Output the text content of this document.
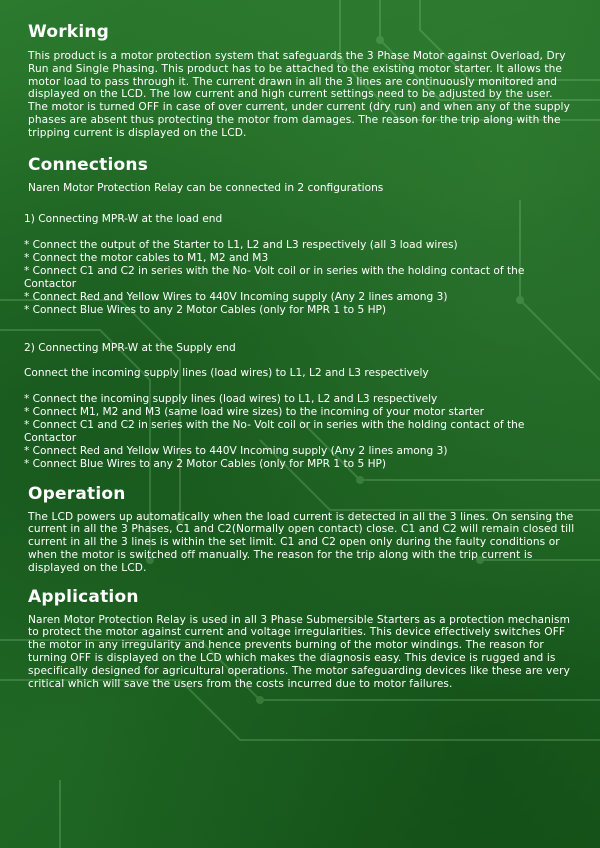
Working

This product is a motor protection system that safeguards the 3 Phase Motor against Overload, Dry Run and Single Phasing. This product has to be attached to the existing motor starter. It allows the motor load to pass through it. The current drawn in all the 3 lines are continuously monitored and displayed on the LCD. The low current and high current settings need to be adjusted by the user. The motor is turned OFF in case of over current, under current (dry run) and when any of the supply phases are absent thus protecting the motor from damages. The reason for the trip along with the tripping current is displayed on the LCD.

Connections

Naren Motor Protection Relay can be connected in 2 configurations

1) Connecting MPR-W at the load end

* Connect the output of the Starter to L1, L2 and L3 respectively (all 3 load wires)

* Connect the motor cables to M1, M2 and M3

* Connect C1 and C2 in series with the No- Volt coil or in series with the holding contact of the Contactor

* Connect Red and Yellow Wires to 440V Incoming supply (Any 2 lines among 3)

* Connect Blue Wires to any 2 Motor Cables (only for MPR 1 to 5 HP)

2) Connecting MPR-W at the Supply end

Connect the incoming supply lines (load wires) to L1, L2 and L3 respectively

* Connect the incoming supply lines (load wires) to L1, L2 and L3 respectively

* Connect M1, M2 and M3 (same load wire sizes) to the incoming of your motor starter

* Connect C1 and C2 in series with the No- Volt coil or in series with the holding contact of the Contactor

* Connect Red and Yellow Wires to 440V Incoming supply (Any 2 lines among 3)

* Connect Blue Wires to any 2 Motor Cables (only for MPR 1 to 5 HP)

Operation

The LCD powers up automatically when the load current is detected in all the 3 lines. On sensing the current in all the 3 Phases, C1 and C2(Normally open contact) close. C1 and C2 will remain closed till current in all the 3 lines is within the set limit. C1 and C2 open only during the faulty conditions or when the motor is switched off manually. The reason for the trip along with the trip current is displayed on the LCD.

Application

Naren Motor Protection Relay is used in all 3 Phase Submersible Starters as a protection mechanism to protect the motor against current and voltage irregularities. This device effectively switches OFF the motor in any irregularity and hence prevents burning of the motor windings. The reason for turning OFF is displayed on the LCD which makes the diagnosis easy. This device is rugged and is specifically designed for agricultural operations. The motor safeguarding devices like these are very critical which will save the users from the costs incurred due to motor failures.
